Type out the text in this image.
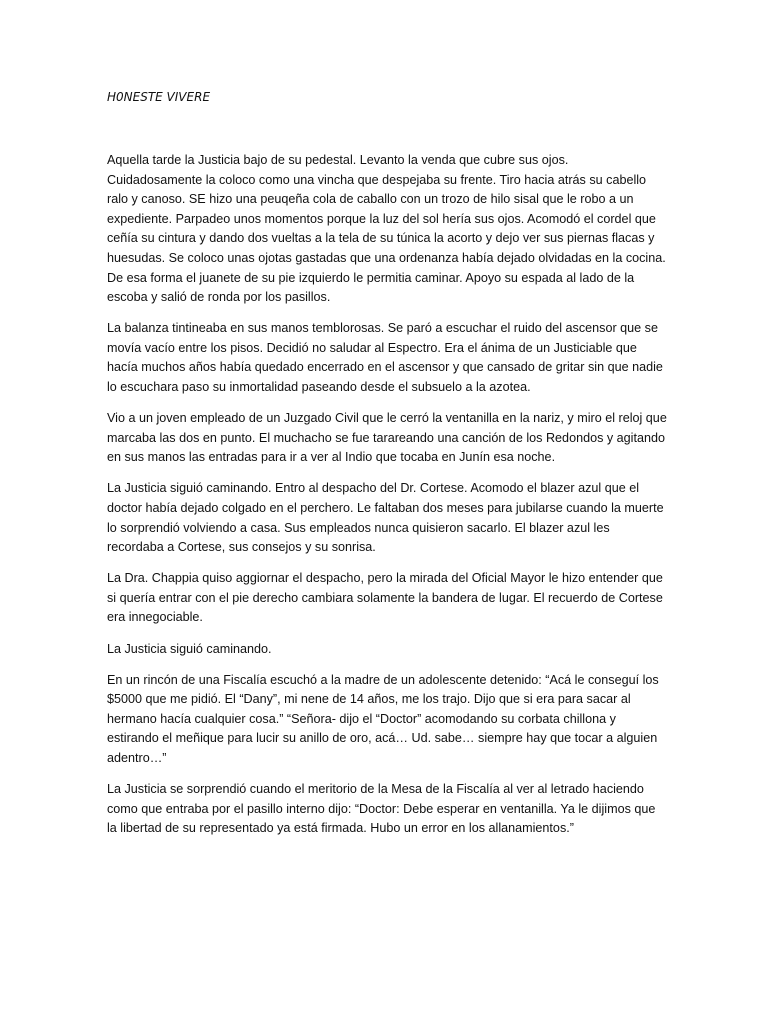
H0NESTE VIVERE

Aquella tarde la Justicia bajo de su pedestal. Levanto la venda que cubre sus ojos. Cuidadosamente la coloco como una vincha que despejaba su frente. Tiro hacia atrás su cabello ralo y canoso. SE hizo una peuqeña cola de caballo con un trozo de hilo sisal que le robo a un expediente. Parpadeo unos momentos porque la luz del sol hería sus ojos. Acomodó el cordel que ceñía su cintura y dando dos vueltas a la tela de su túnica la acorto y dejo ver sus piernas flacas y huesudas. Se coloco unas ojotas gastadas que una ordenanza había dejado olvidadas en la cocina. De esa forma el juanete de su pie izquierdo le permitia caminar. Apoyo su espada al lado de la escoba y salió de ronda por los pasillos.

La balanza tintineaba en sus manos temblorosas. Se paró a escuchar el ruido del ascensor que se movía vacío entre los pisos. Decidió no saludar al Espectro. Era el ánima de un Justiciable que hacía muchos años había quedado encerrado en el ascensor y que cansado de gritar sin que nadie lo escuchara paso su inmortalidad paseando desde el subsuelo a la azotea.

Vio a un joven empleado de un Juzgado Civil que le cerró la ventanilla en la nariz, y miro el reloj que marcaba las dos en punto. El muchacho se fue tarareando una canción de los Redondos y agitando en sus manos las entradas para ir a ver al Indio que tocaba en Junín esa noche.

La Justicia siguió caminando. Entro al despacho del Dr. Cortese. Acomodo el blazer azul que el doctor había dejado colgado en el perchero. Le faltaban dos meses para jubilarse cuando la muerte lo sorprendió volviendo a casa. Sus empleados nunca quisieron sacarlo. El blazer azul les recordaba a Cortese, sus consejos y su sonrisa.

La Dra. Chappia quiso aggiornar el despacho, pero la mirada del Oficial Mayor le hizo entender que si quería entrar con el pie derecho cambiara solamente la bandera de lugar. El recuerdo de Cortese era innegociable.

La Justicia siguió caminando.

En un rincón de una Fiscalía escuchó a la madre de un adolescente detenido: “Acá le conseguí los $5000 que me pidió. El “Dany”, mi nene de 14 años, me los trajo. Dijo que si era para sacar al hermano hacía cualquier cosa.” “Señora- dijo el “Doctor” acomodando su corbata chillona y estirando el meñique para lucir su anillo de oro, acá… Ud. sabe… siempre hay que tocar a alguien adentro…”

La Justicia se sorprendió cuando el meritorio de la Mesa de la Fiscalía al ver al letrado haciendo como que entraba por el pasillo interno dijo: “Doctor: Debe esperar en ventanilla. Ya le dijimos que la libertad de su representado ya está firmada. Hubo un error en los allanamientos.”
